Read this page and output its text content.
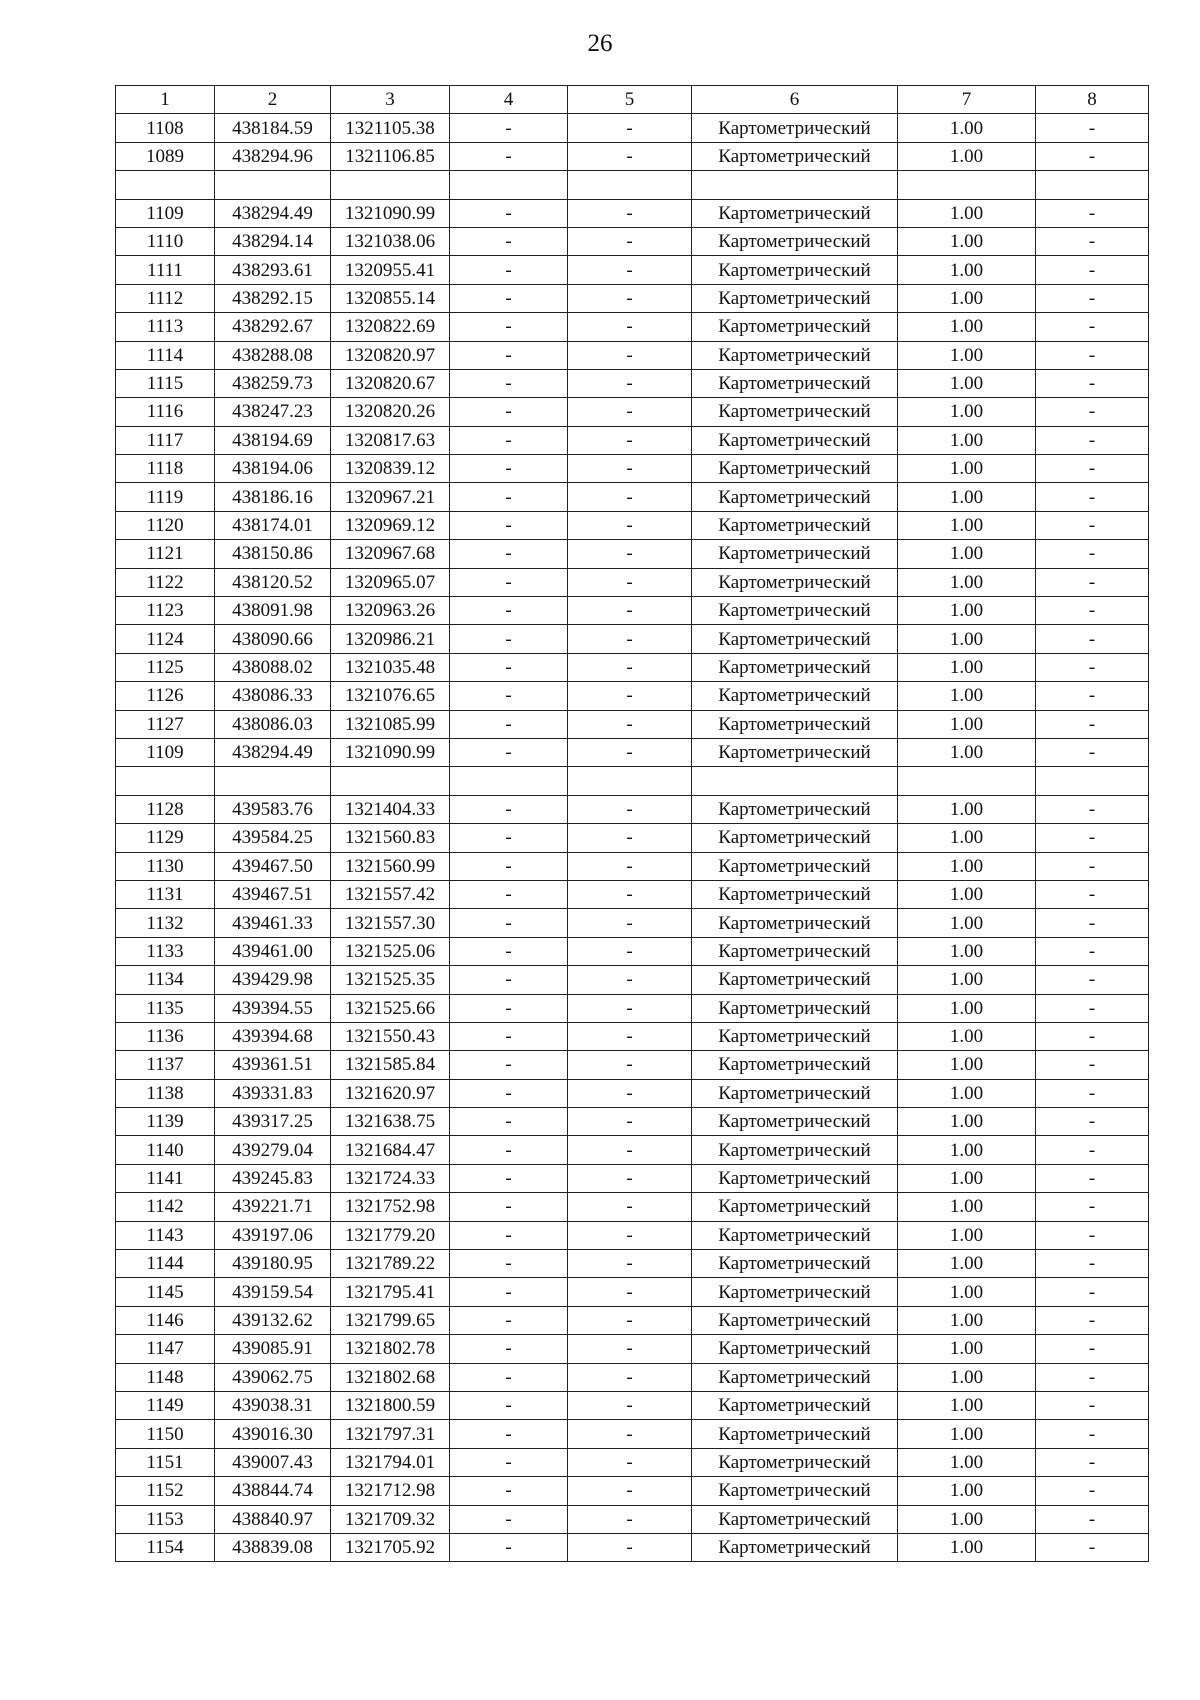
26
1	2	3	4	5	6	7	8
1108	438184.59	1321105.38	-	-	Картометрический	1.00	-
1089	438294.96	1321106.85	-	-	Картометрический	1.00	-

1109	438294.49	1321090.99	-	-	Картометрический	1.00	-
1110	438294.14	1321038.06	-	-	Картометрический	1.00	-
1111	438293.61	1320955.41	-	-	Картометрический	1.00	-
1112	438292.15	1320855.14	-	-	Картометрический	1.00	-
1113	438292.67	1320822.69	-	-	Картометрический	1.00	-
1114	438288.08	1320820.97	-	-	Картометрический	1.00	-
1115	438259.73	1320820.67	-	-	Картометрический	1.00	-
1116	438247.23	1320820.26	-	-	Картометрический	1.00	-
1117	438194.69	1320817.63	-	-	Картометрический	1.00	-
1118	438194.06	1320839.12	-	-	Картометрический	1.00	-
1119	438186.16	1320967.21	-	-	Картометрический	1.00	-
1120	438174.01	1320969.12	-	-	Картометрический	1.00	-
1121	438150.86	1320967.68	-	-	Картометрический	1.00	-
1122	438120.52	1320965.07	-	-	Картометрический	1.00	-
1123	438091.98	1320963.26	-	-	Картометрический	1.00	-
1124	438090.66	1320986.21	-	-	Картометрический	1.00	-
1125	438088.02	1321035.48	-	-	Картометрический	1.00	-
1126	438086.33	1321076.65	-	-	Картометрический	1.00	-
1127	438086.03	1321085.99	-	-	Картометрический	1.00	-
1109	438294.49	1321090.99	-	-	Картометрический	1.00	-

1128	439583.76	1321404.33	-	-	Картометрический	1.00	-
1129	439584.25	1321560.83	-	-	Картометрический	1.00	-
1130	439467.50	1321560.99	-	-	Картометрический	1.00	-
1131	439467.51	1321557.42	-	-	Картометрический	1.00	-
1132	439461.33	1321557.30	-	-	Картометрический	1.00	-
1133	439461.00	1321525.06	-	-	Картометрический	1.00	-
1134	439429.98	1321525.35	-	-	Картометрический	1.00	-
1135	439394.55	1321525.66	-	-	Картометрический	1.00	-
1136	439394.68	1321550.43	-	-	Картометрический	1.00	-
1137	439361.51	1321585.84	-	-	Картометрический	1.00	-
1138	439331.83	1321620.97	-	-	Картометрический	1.00	-
1139	439317.25	1321638.75	-	-	Картометрический	1.00	-
1140	439279.04	1321684.47	-	-	Картометрический	1.00	-
1141	439245.83	1321724.33	-	-	Картометрический	1.00	-
1142	439221.71	1321752.98	-	-	Картометрический	1.00	-
1143	439197.06	1321779.20	-	-	Картометрический	1.00	-
1144	439180.95	1321789.22	-	-	Картометрический	1.00	-
1145	439159.54	1321795.41	-	-	Картометрический	1.00	-
1146	439132.62	1321799.65	-	-	Картометрический	1.00	-
1147	439085.91	1321802.78	-	-	Картометрический	1.00	-
1148	439062.75	1321802.68	-	-	Картометрический	1.00	-
1149	439038.31	1321800.59	-	-	Картометрический	1.00	-
1150	439016.30	1321797.31	-	-	Картометрический	1.00	-
1151	439007.43	1321794.01	-	-	Картометрический	1.00	-
1152	438844.74	1321712.98	-	-	Картометрический	1.00	-
1153	438840.97	1321709.32	-	-	Картометрический	1.00	-
1154	438839.08	1321705.92	-	-	Картометрический	1.00	-
